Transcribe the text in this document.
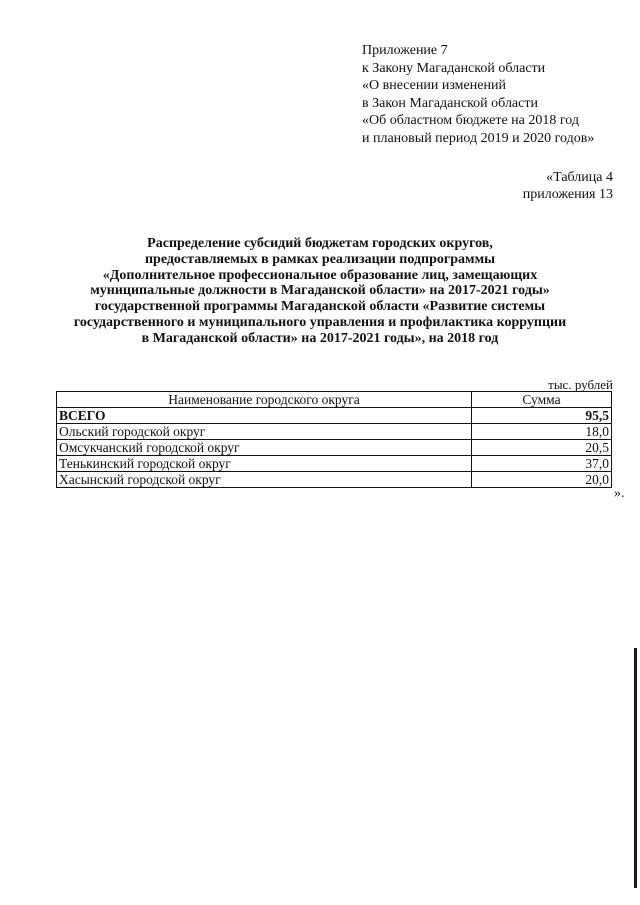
Приложение 7
к Закону Магаданской области
«О внесении изменений
в Закон Магаданской области
«Об областном бюджете на 2018 год
и плановый период 2019 и 2020 годов»
«Таблица 4
приложения 13
Распределение субсидий бюджетам городских округов,
предоставляемых в рамках реализации подпрограммы
«Дополнительное профессиональное образование лиц, замещающих
муниципальные должности в Магаданской области» на 2017-2021 годы»
государственной программы Магаданской области «Развитие системы
государственного и муниципального управления и профилактика коррупции
в Магаданской области» на 2017-2021 годы», на 2018 год
тыс. рублей
Наименование городского округа	Сумма
ВСЕГО	95,5
Ольский городской округ	18,0
Омсукчанский городской округ	20,5
Тенькинский городской округ	37,0
Хасынский городской округ	20,0
».
